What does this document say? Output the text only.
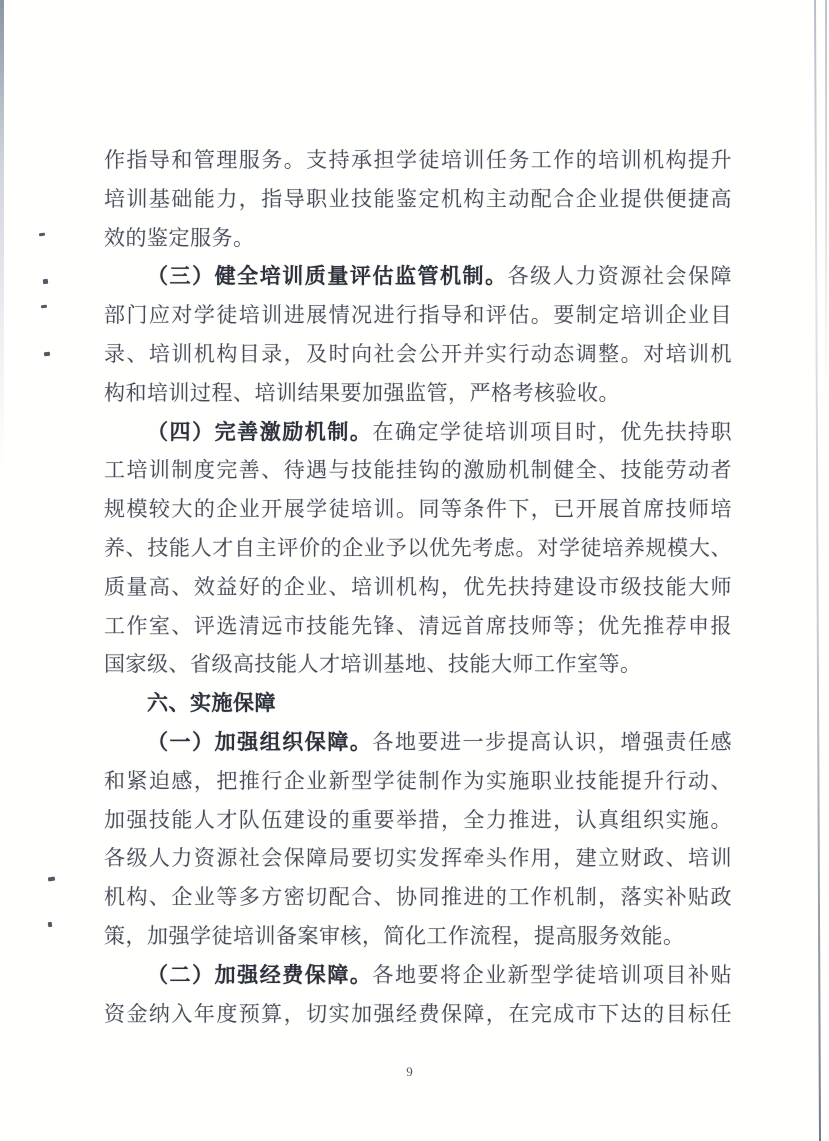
作指导和管理服务。支持承担学徒培训任务工作的培训机构提升
培训基础能力，指导职业技能鉴定机构主动配合企业提供便捷高
效的鉴定服务。
（三）健全培训质量评估监管机制。各级人力资源社会保障
部门应对学徒培训进展情况进行指导和评估。要制定培训企业目
录、培训机构目录，及时向社会公开并实行动态调整。对培训机
构和培训过程、培训结果要加强监管，严格考核验收。
（四）完善激励机制。在确定学徒培训项目时，优先扶持职
工培训制度完善、待遇与技能挂钩的激励机制健全、技能劳动者
规模较大的企业开展学徒培训。同等条件下，已开展首席技师培
养、技能人才自主评价的企业予以优先考虑。对学徒培养规模大、
质量高、效益好的企业、培训机构，优先扶持建设市级技能大师
工作室、评选清远市技能先锋、清远首席技师等；优先推荐申报
国家级、省级高技能人才培训基地、技能大师工作室等。
六、实施保障
（一）加强组织保障。各地要进一步提高认识，增强责任感
和紧迫感，把推行企业新型学徒制作为实施职业技能提升行动、
加强技能人才队伍建设的重要举措，全力推进，认真组织实施。
各级人力资源社会保障局要切实发挥牵头作用，建立财政、培训
机构、企业等多方密切配合、协同推进的工作机制，落实补贴政
策，加强学徒培训备案审核，简化工作流程，提高服务效能。
（二）加强经费保障。各地要将企业新型学徒培训项目补贴
资金纳入年度预算，切实加强经费保障，在完成市下达的目标任
9
